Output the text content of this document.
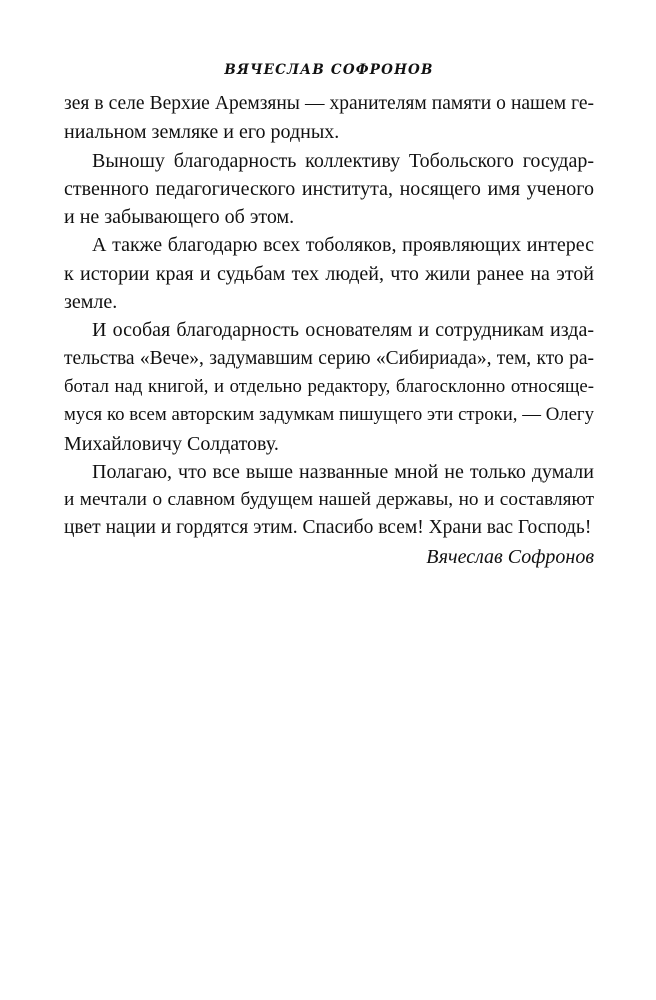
ВЯЧЕСЛАВ СОФРОНОВ
зея в селе Верхие Аремзяны — хранителям памяти о нашем ге-
ниальном земляке и его родных.
Выношу благодарность коллективу Тобольского государ-
ственного педагогического института, носящего имя ученого
и не забывающего об этом.
А также благодарю всех тоболяков, проявляющих интерес
к истории края и судьбам тех людей, что жили ранее на этой
земле.
И особая благодарность основателям и сотрудникам изда-
тельства «Вече», задумавшим серию «Сибириада», тем, кто ра-
ботал над книгой, и отдельно редактору, благосклонно относяще-
муся ко всем авторским задумкам пишущего эти строки, — Олегу
Михайловичу Солдатову.
Полагаю, что все выше названные мной не только думали
и мечтали о славном будущем нашей державы, но и составляют
цвет нации и гордятся этим. Спасибо всем! Храни вас Господь!
Вячеслав Софронов
